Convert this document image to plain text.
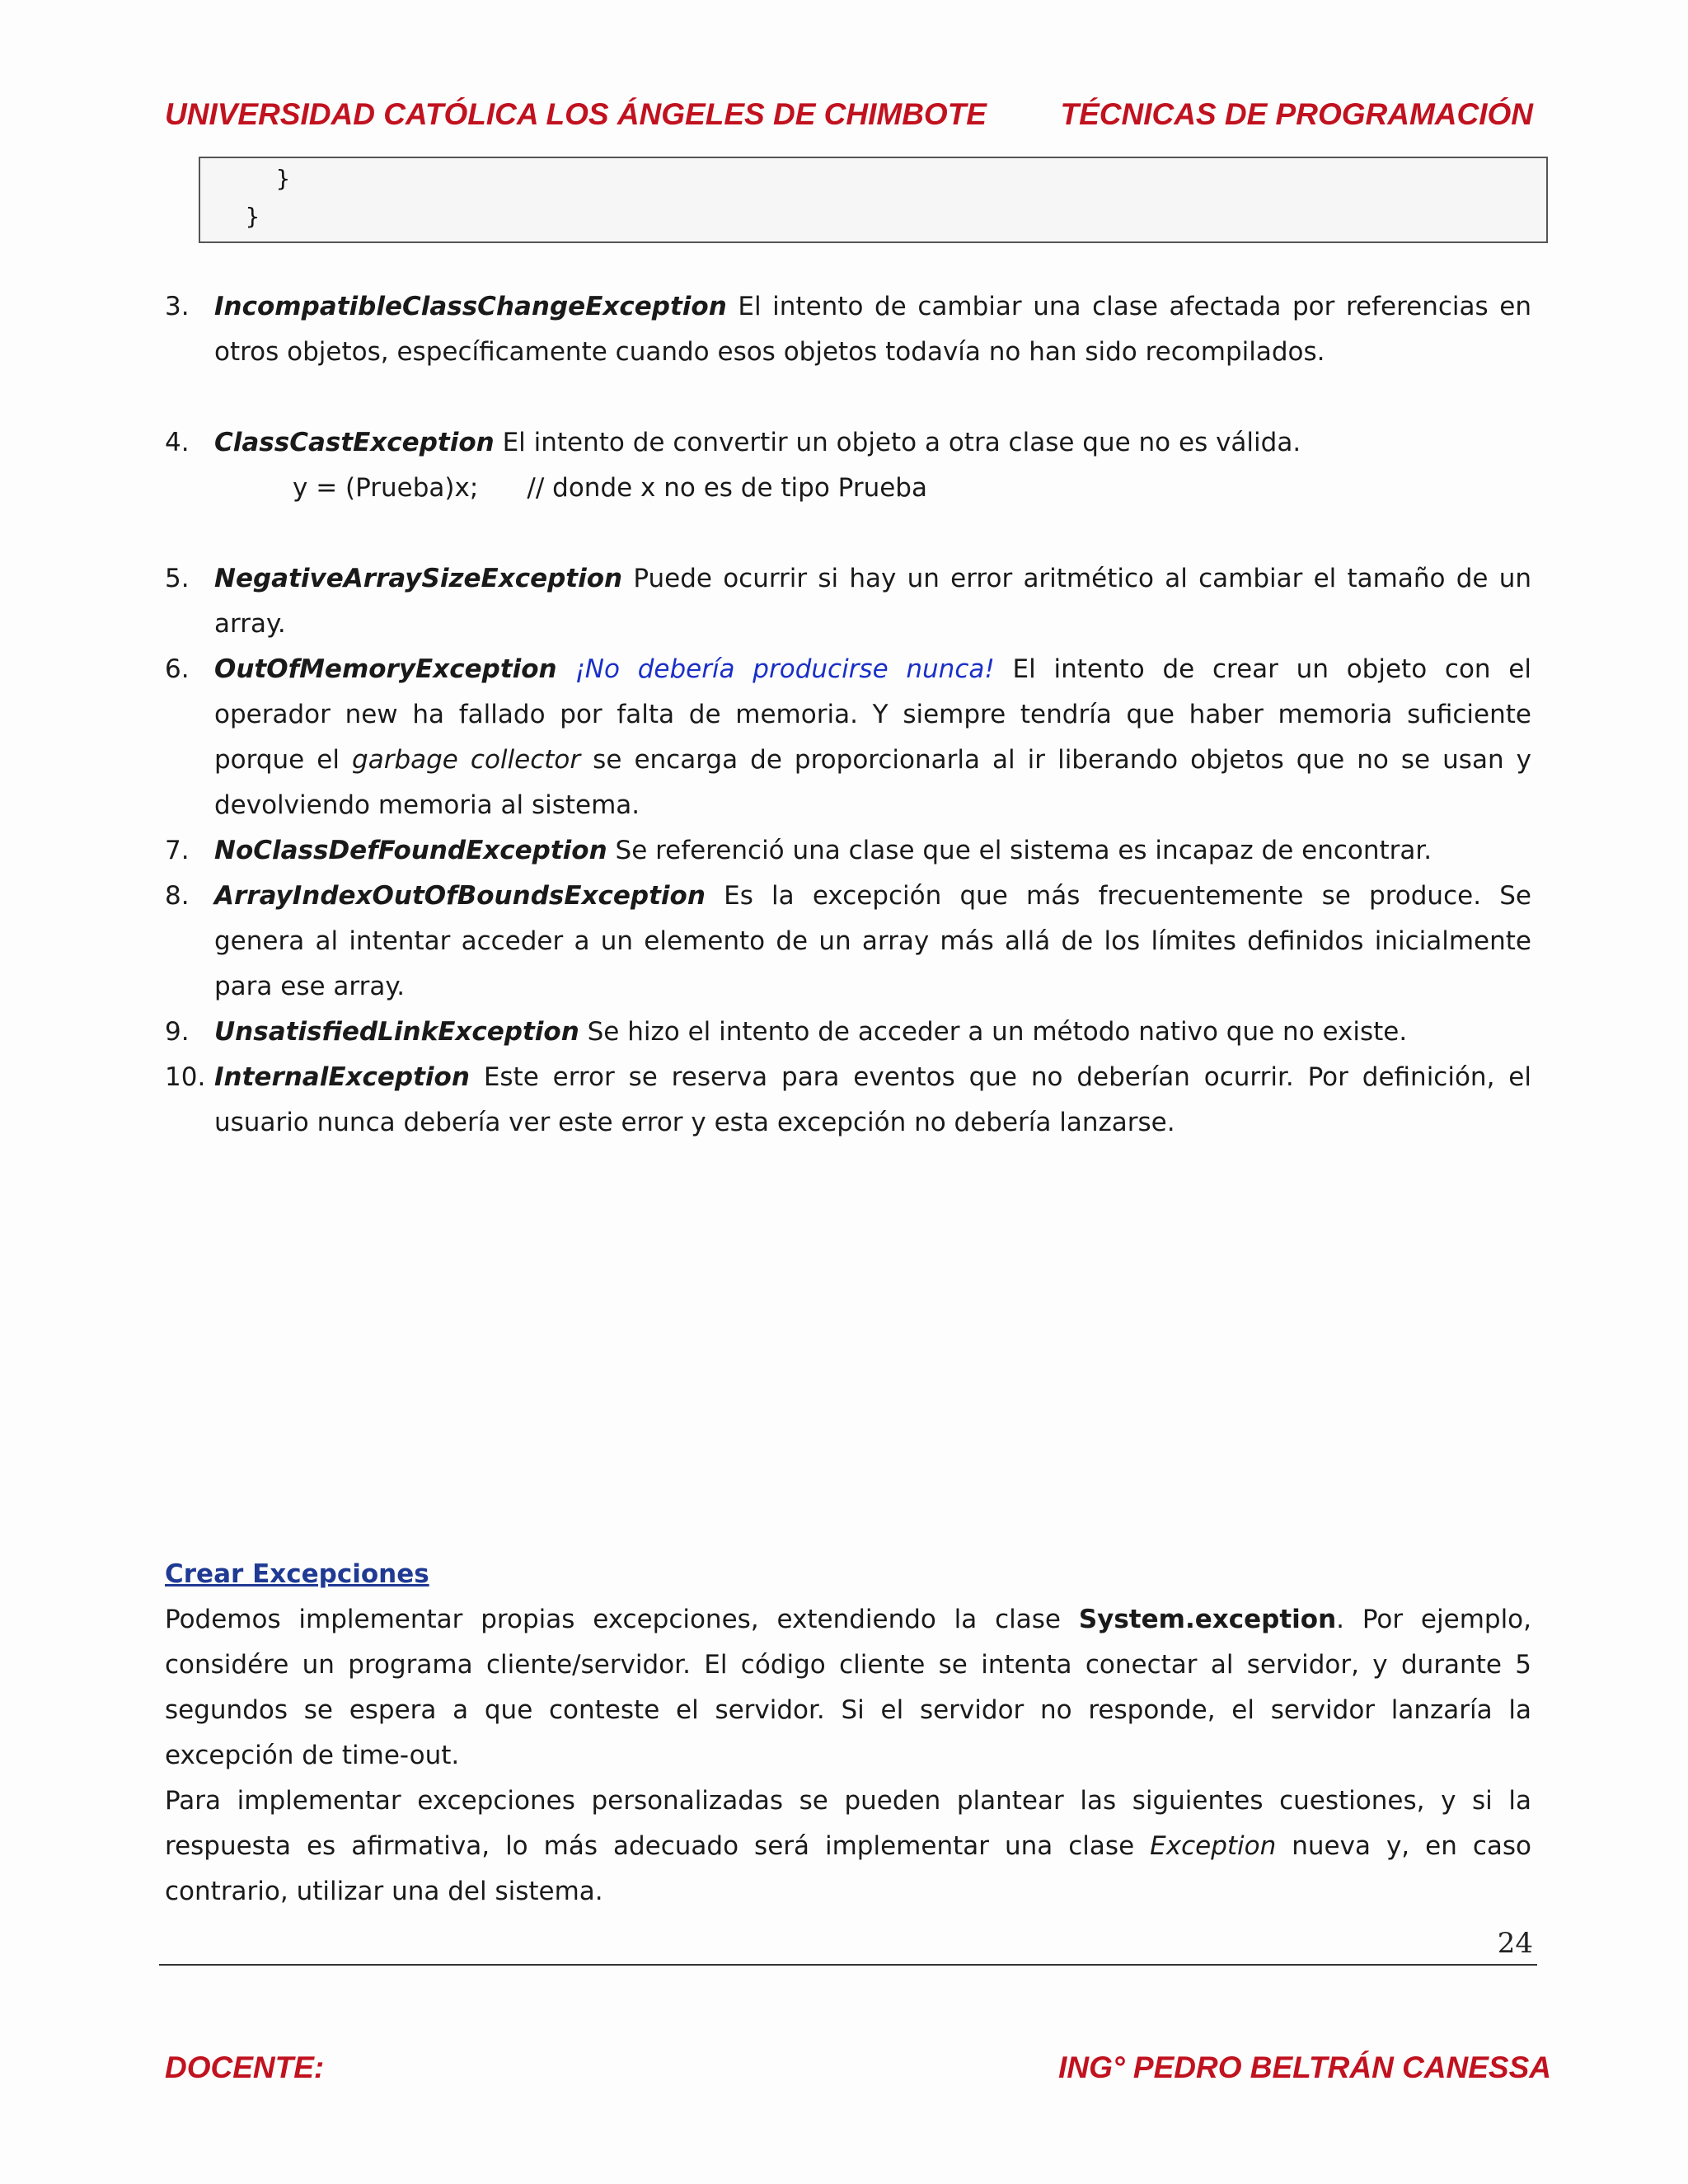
UNIVERSIDAD CATÓLICA LOS ÁNGELES DE CHIMBOTE TÉCNICAS DE PROGRAMACIÓN
}
}
3. IncompatibleClassChangeException El intento de cambiar una clase afectada por referencias en otros objetos, específicamente cuando esos objetos todavía no han sido recompilados.
4. ClassCastException El intento de convertir un objeto a otra clase que no es válida.
y = (Prueba)x;      // donde x no es de tipo Prueba
5. NegativeArraySizeException Puede ocurrir si hay un error aritmético al cambiar el tamaño de un array.
6. OutOfMemoryException ¡No debería producirse nunca! El intento de crear un objeto con el operador new ha fallado por falta de memoria. Y siempre tendría que haber memoria suficiente porque el garbage collector se encarga de proporcionarla al ir liberando objetos que no se usan y devolviendo memoria al sistema.
7. NoClassDefFoundException Se referenció una clase que el sistema es incapaz de encontrar.
8. ArrayIndexOutOfBoundsException Es la excepción que más frecuentemente se produce. Se genera al intentar acceder a un elemento de un array más allá de los límites definidos inicialmente para ese array.
9. UnsatisfiedLinkException Se hizo el intento de acceder a un método nativo que no existe.
10. InternalException Este error se reserva para eventos que no deberían ocurrir. Por definición, el usuario nunca debería ver este error y esta excepción no debería lanzarse.
Crear Excepciones
Podemos implementar propias excepciones, extendiendo la clase System.exception. Por ejemplo, considére un programa cliente/servidor. El código cliente se intenta conectar al servidor, y durante 5 segundos se espera a que conteste el servidor. Si el servidor no responde, el servidor lanzaría la excepción de time-out.
Para implementar excepciones personalizadas se pueden plantear las siguientes cuestiones, y si la respuesta es afirmativa, lo más adecuado será implementar una clase Exception nueva y, en caso contrario, utilizar una del sistema.
24
DOCENTE:	ING° PEDRO BELTRÁN CANESSA
